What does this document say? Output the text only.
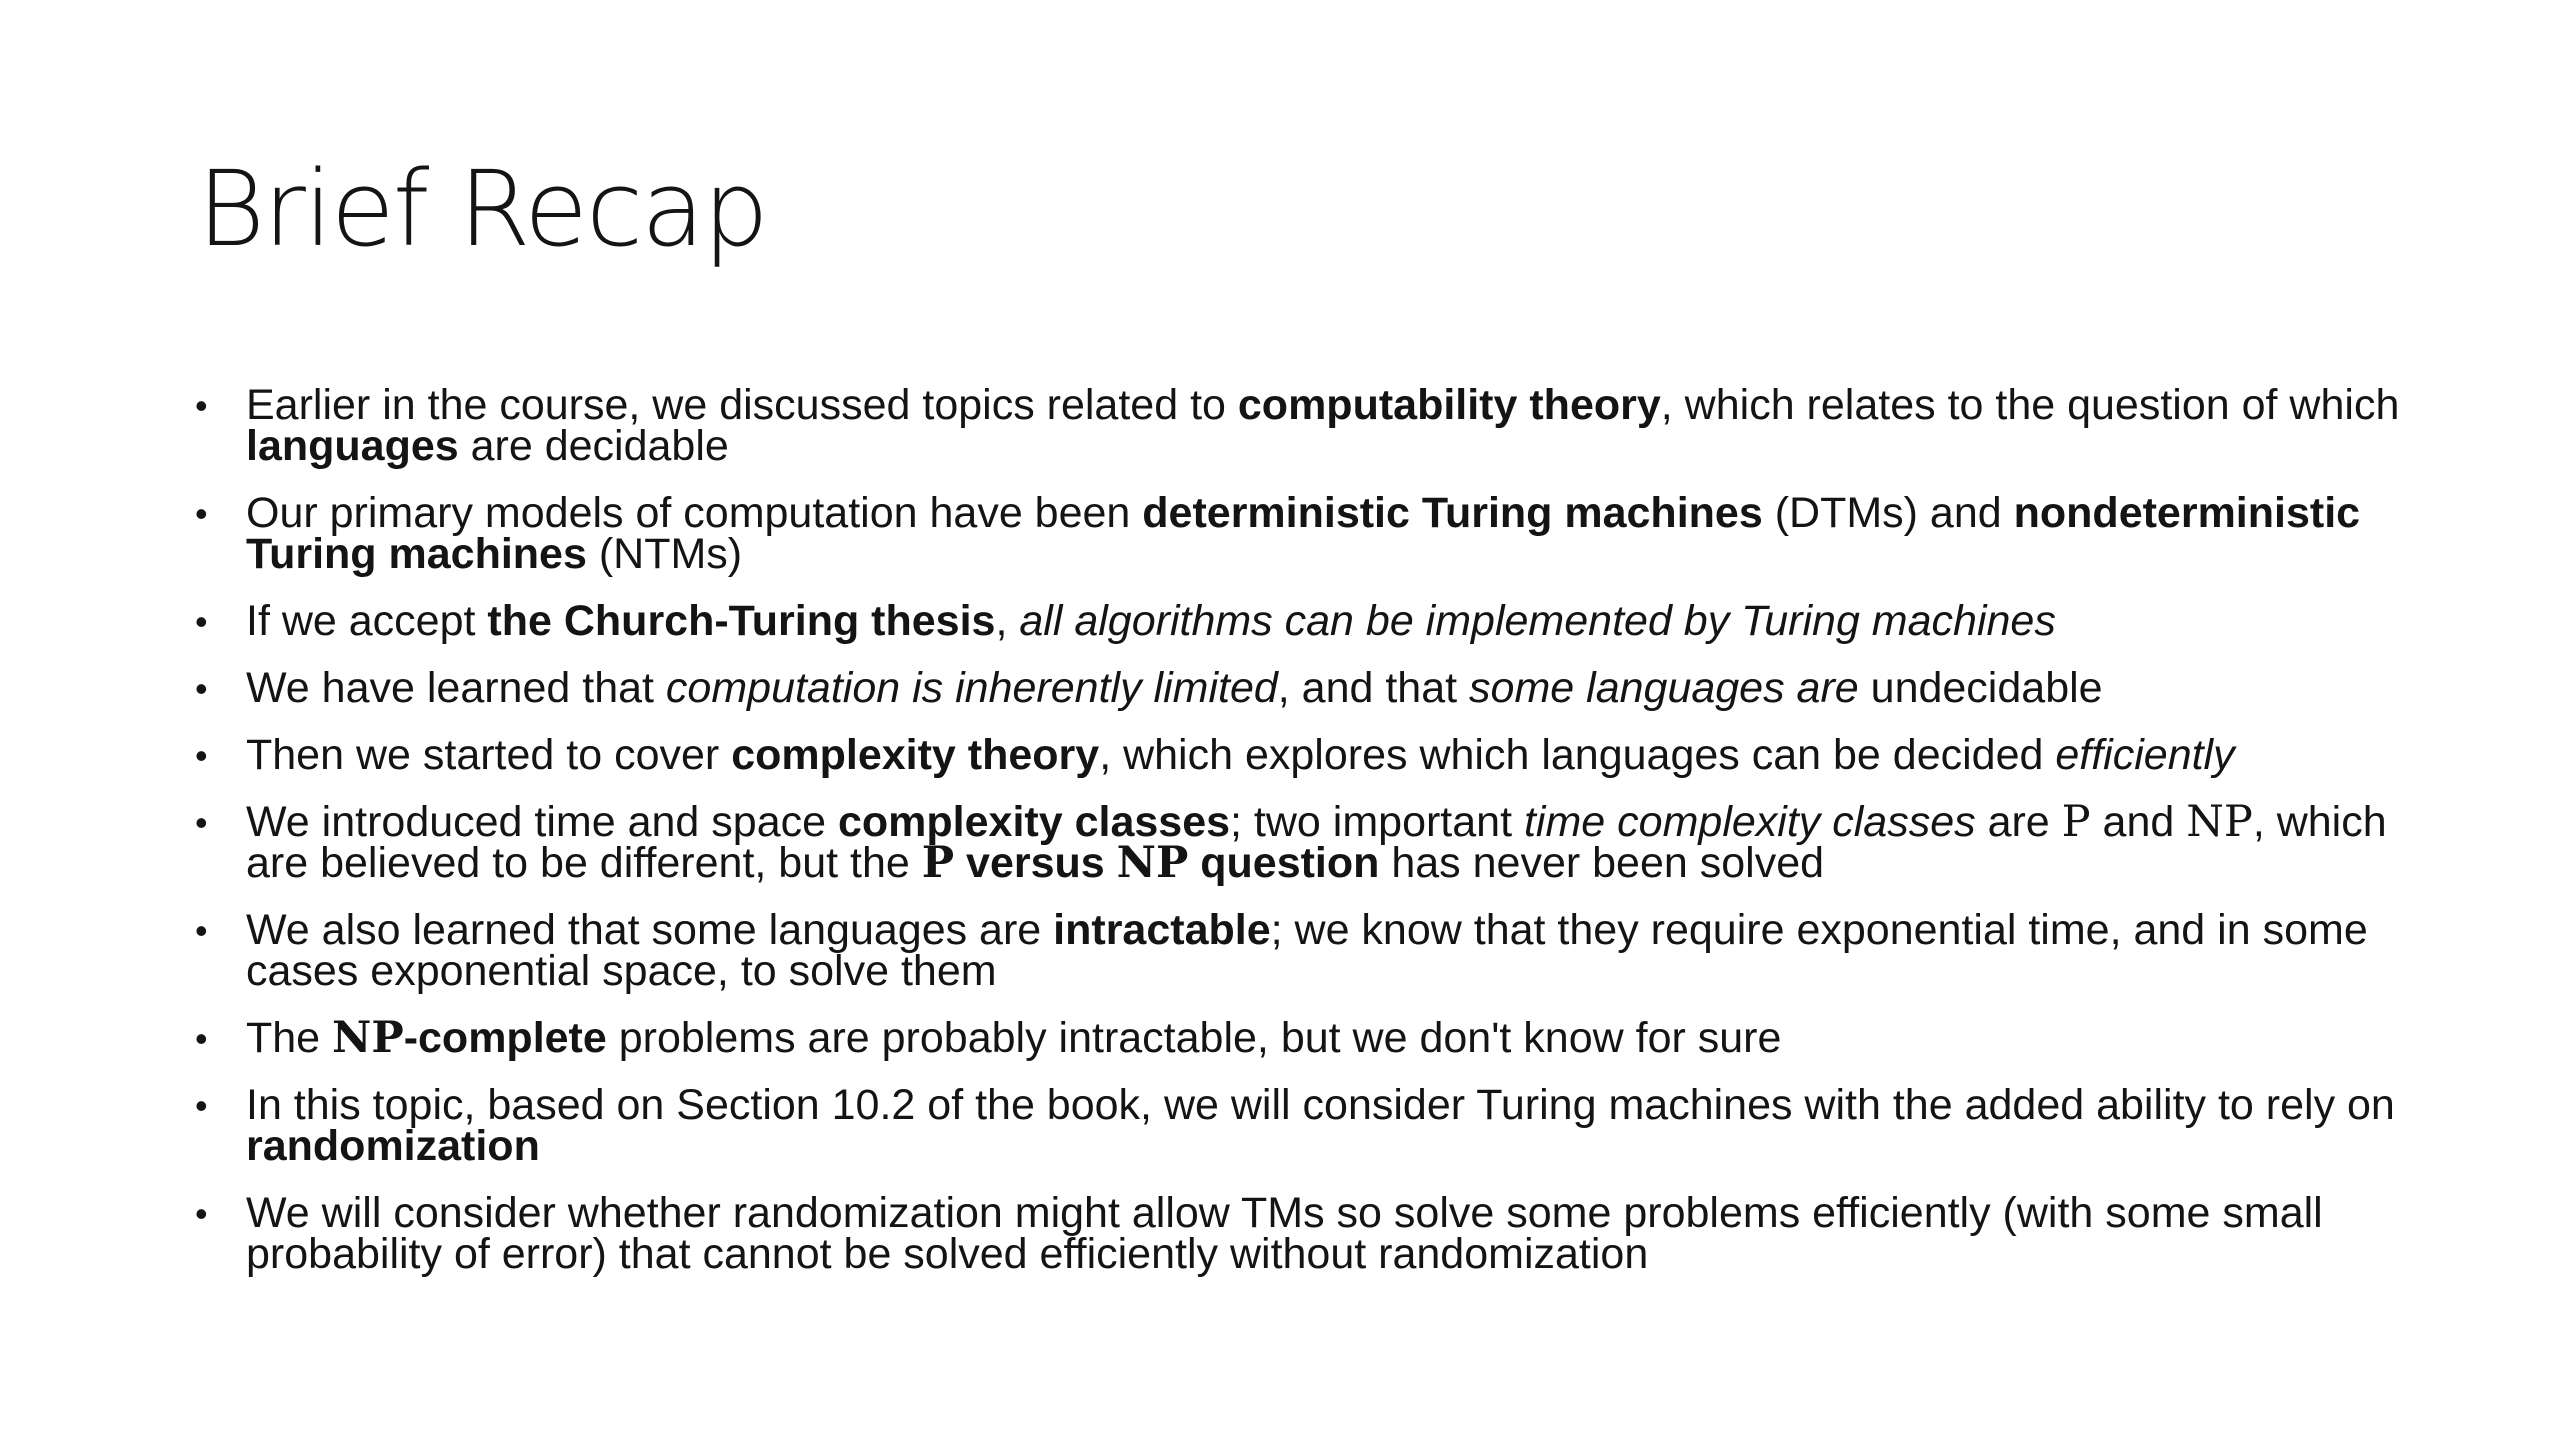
Brief Recap
• Earlier in the course, we discussed topics related to computability theory, which relates to the question of which languages are decidable
• Our primary models of computation have been deterministic Turing machines (DTMs) and nondeterministic Turing machines (NTMs)
• If we accept the Church-Turing thesis, all algorithms can be implemented by Turing machines
• We have learned that computation is inherently limited, and that some languages are undecidable
• Then we started to cover complexity theory, which explores which languages can be decided efficiently
• We introduced time and space complexity classes; two important time complexity classes are P and NP, which are believed to be different, but the P versus NP question has never been solved
• We also learned that some languages are intractable; we know that they require exponential time, and in some cases exponential space, to solve them
• The NP-complete problems are probably intractable, but we don't know for sure
• In this topic, based on Section 10.2 of the book, we will consider Turing machines with the added ability to rely on randomization
• We will consider whether randomization might allow TMs so solve some problems efficiently (with some small probability of error) that cannot be solved efficiently without randomization
